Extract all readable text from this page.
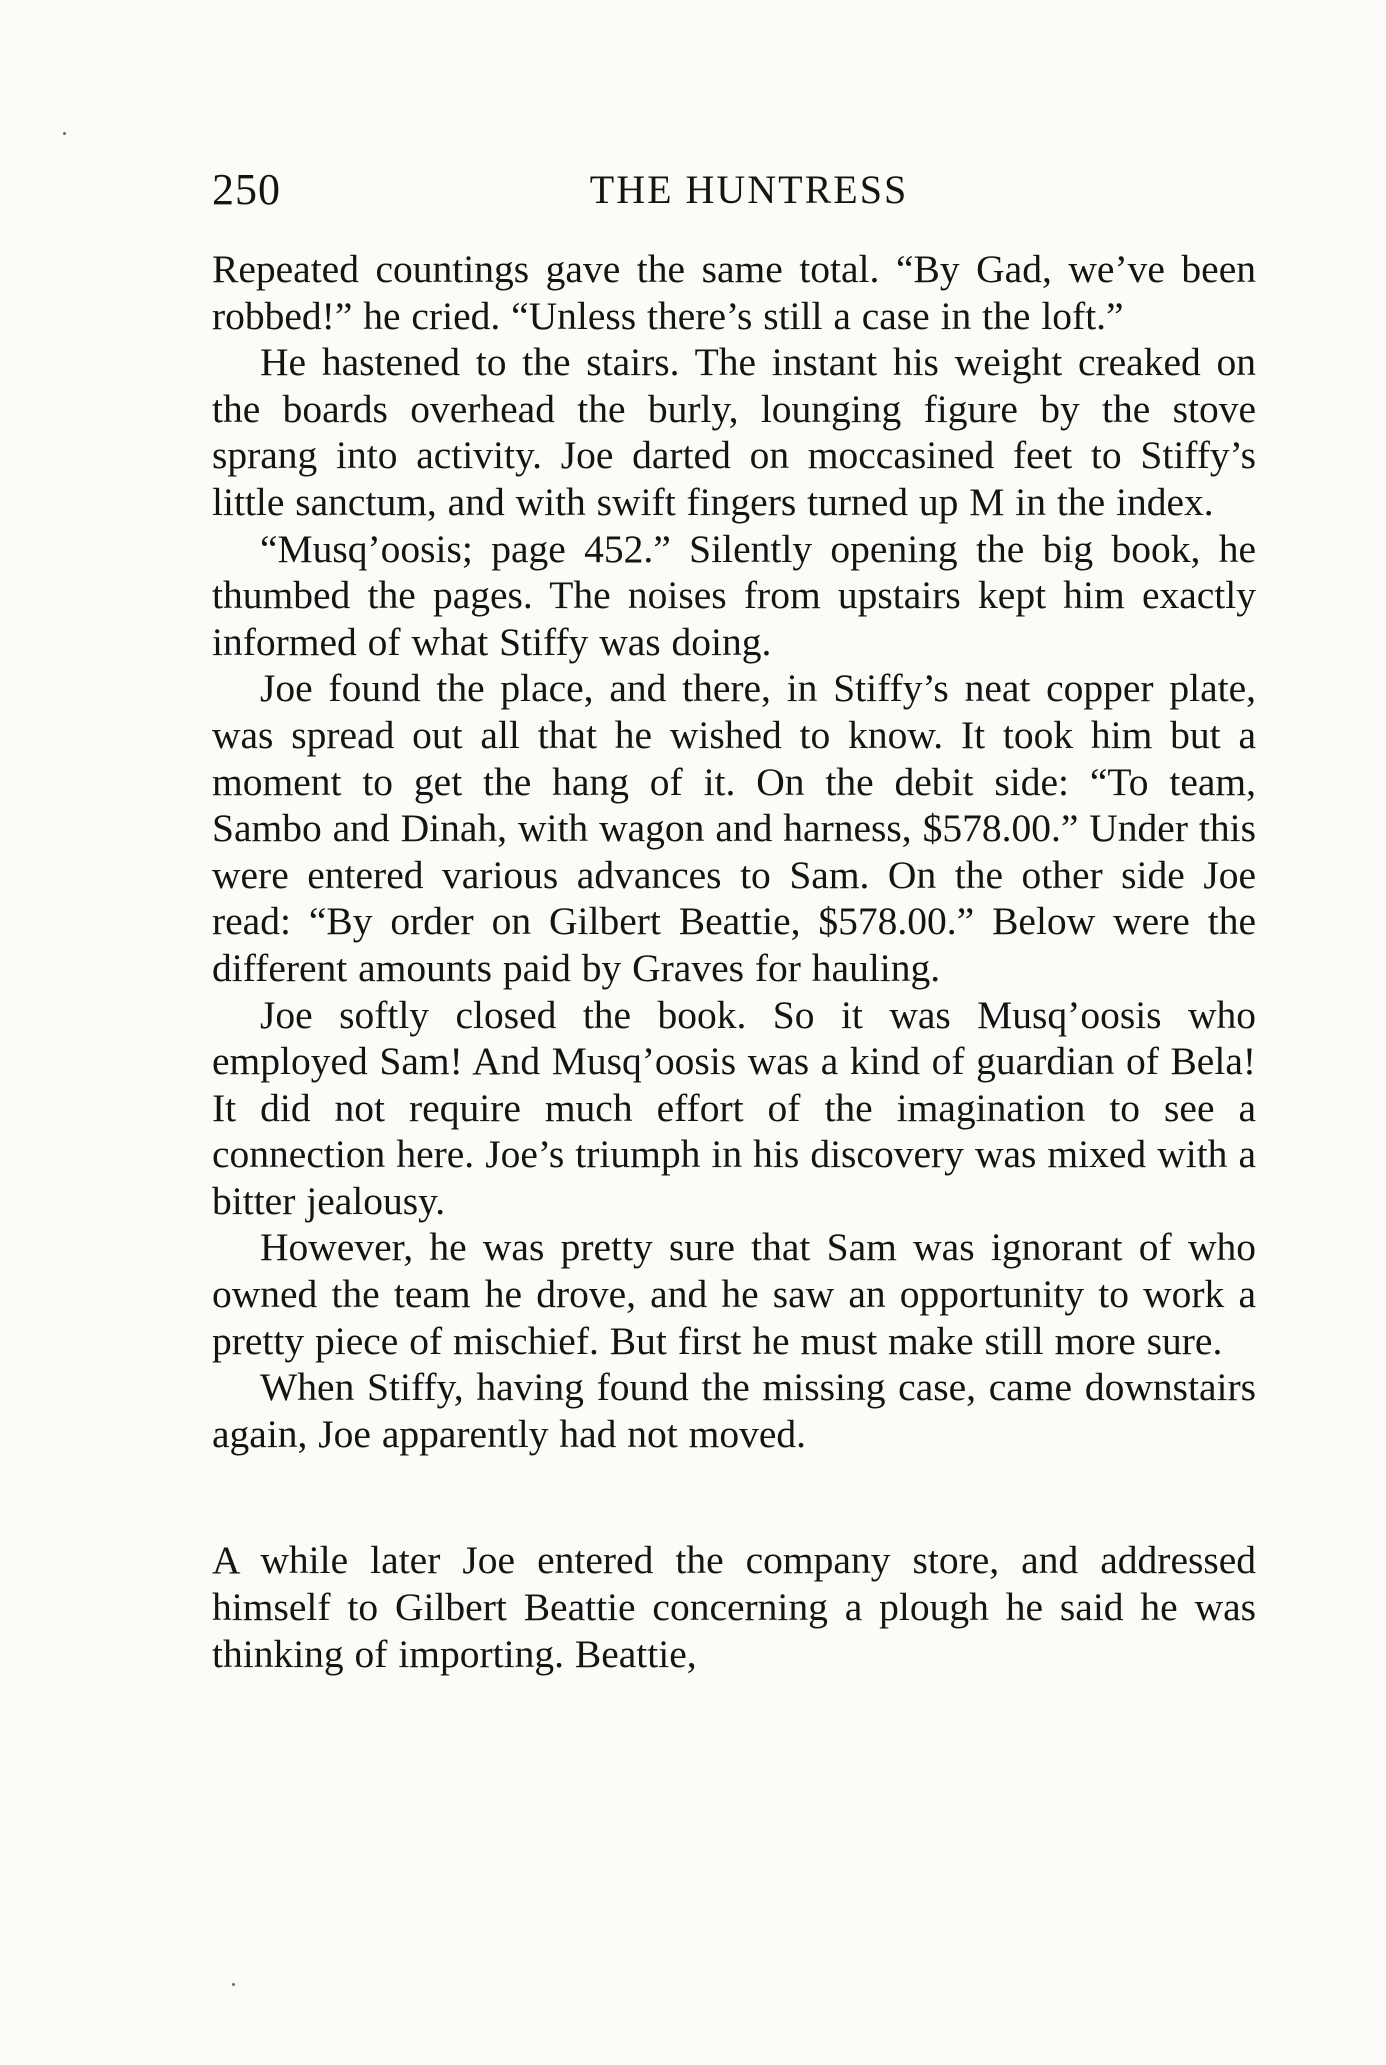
250	THE HUNTRESS

Repeated countings gave the same total. “By Gad, we’ve been robbed!” he cried. “Unless there’s still a case in the loft.”

He hastened to the stairs. The instant his weight creaked on the boards overhead the burly, lounging figure by the stove sprang into activity. Joe darted on moccasined feet to Stiffy’s little sanctum, and with swift fingers turned up M in the index.

“Musq’oosis; page 452.” Silently opening the big book, he thumbed the pages. The noises from upstairs kept him exactly informed of what Stiffy was doing.

Joe found the place, and there, in Stiffy’s neat copper plate, was spread out all that he wished to know. It took him but a moment to get the hang of it. On the debit side: “To team, Sambo and Dinah, with wagon and harness, $578.00.” Under this were entered various advances to Sam. On the other side Joe read: “By order on Gilbert Beattie, $578.00.” Below were the different amounts paid by Graves for hauling.

Joe softly closed the book. So it was Musq’oosis who employed Sam! And Musq’oosis was a kind of guardian of Bela! It did not require much effort of the imagination to see a connection here. Joe’s triumph in his discovery was mixed with a bitter jealousy.

However, he was pretty sure that Sam was ignorant of who owned the team he drove, and he saw an opportunity to work a pretty piece of mischief. But first he must make still more sure.

When Stiffy, having found the missing case, came downstairs again, Joe apparently had not moved.

A while later Joe entered the company store, and addressed himself to Gilbert Beattie concerning a plough he said he was thinking of importing. Beattie,
